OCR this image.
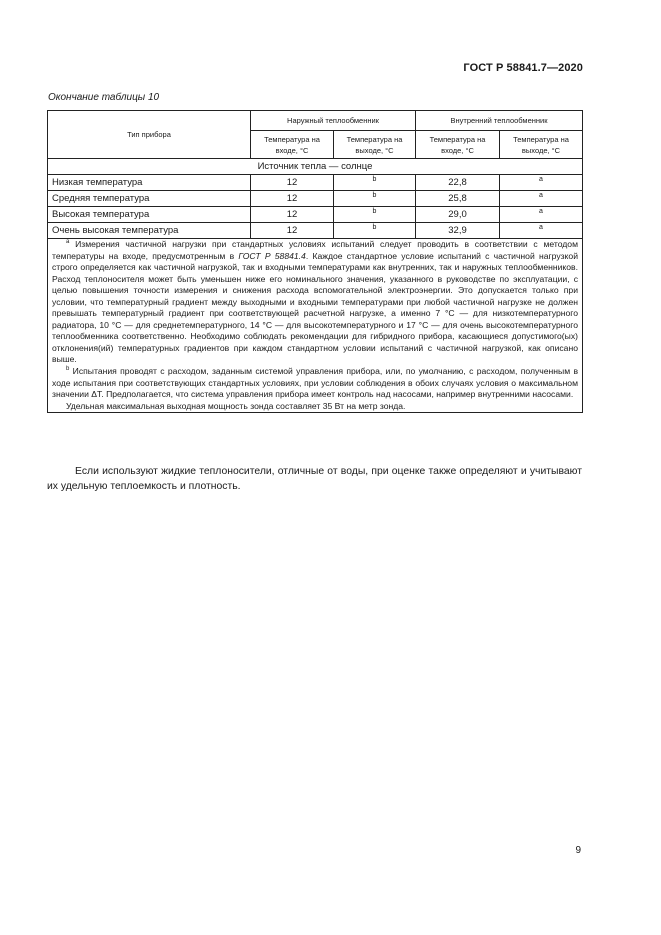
ГОСТ Р 58841.7—2020
Окончание таблицы 10
Тип прибора	Наружный теплообменник		Внутренний теплообменник	
	Температура на входе, °С	Температура на выходе, °С	Температура на входе, °С	Температура на выходе, °С
Источник тепла — солнце				
Низкая температура	12	$^b$	22,8	$^a$
Средняя температура	12	$^b$	25,8	$^a$
Высокая температура	12	$^b$	29,0	$^a$
Очень высокая температура	12	$^b$	32,9	$^a$

$^a$ Измерения частичной нагрузки при стандартных условиях испытаний следует проводить в соответствии с методом температуры на входе, предусмотренным в ГОСТ Р 58841.4. Каждое стандартное условие испытаний с частичной нагрузкой строго определяется как частичной нагрузкой, так и входными температурами как внутренних, так и наружных теплообменников. Расход теплоносителя может быть уменьшен ниже его номинального значения, указанного в руководстве по эксплуатации, с целью повышения точности измерения и снижения расхода вспомогательной электроэнергии. Это допускается только при условии, что температурный градиент между выходными и входными температурами при любой частичной нагрузке не должен превышать температурный градиент при соответствующей расчетной нагрузке, а именно 7 °С — для низкотемпературного радиатора, 10 °С — для среднетемпературного, 14 °С — для высокотемпературного и 17 °С — для очень высокотемпературного теплообменника соответственно. Необходимо соблюдать рекомендации для гибридного прибора, касающиеся допустимого(ых) отклонения(ий) температурных градиентов при каждом стандартном условии испытаний с частичной нагрузкой, как описано выше.

$^b$ Испытания проводят с расходом, заданным системой управления прибора, или, по умолчанию, с расходом, полученным в ходе испытания при соответствующих стандартных условиях, при условии соблюдения в обоих случаях условия о максимальном значении ΔT. Предполагается, что система управления прибора имеет контроль над насосами, например внутренними насосами.

Удельная максимальная выходная мощность зонда составляет 35 Вт на метр зонда.				

Если используют жидкие теплоносители, отличные от воды, при оценке также определяют и учитывают их удельную теплоемкость и плотность.

9
